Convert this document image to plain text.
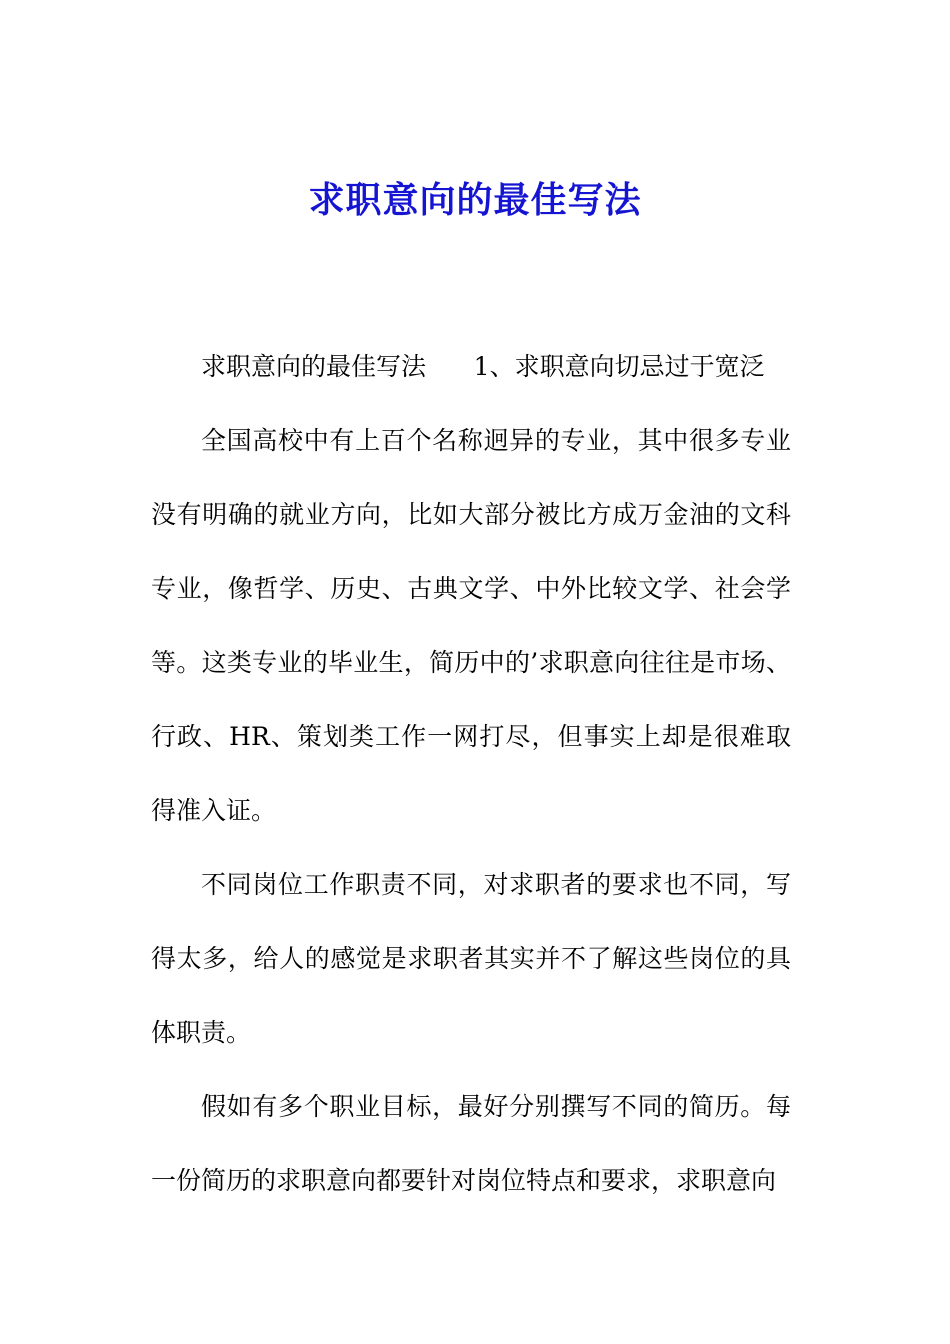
求职意向的最佳写法

求职意向的最佳写法      1、求职意向切忌过于宽泛

全国高校中有上百个名称迥异的专业，其中很多专业没有明确的就业方向，比如大部分被比方成万金油的文科专业，像哲学、历史、古典文学、中外比较文学、社会学等。这类专业的毕业生，简历中的’求职意向往往是市场、行政、HR、策划类工作一网打尽，但事实上却是很难取得准入证。

不同岗位工作职责不同，对求职者的要求也不同，写得太多，给人的感觉是求职者其实并不了解这些岗位的具体职责。

假如有多个职业目标，最好分别撰写不同的简历。每一份简历的求职意向都要针对岗位特点和要求，求职意向
